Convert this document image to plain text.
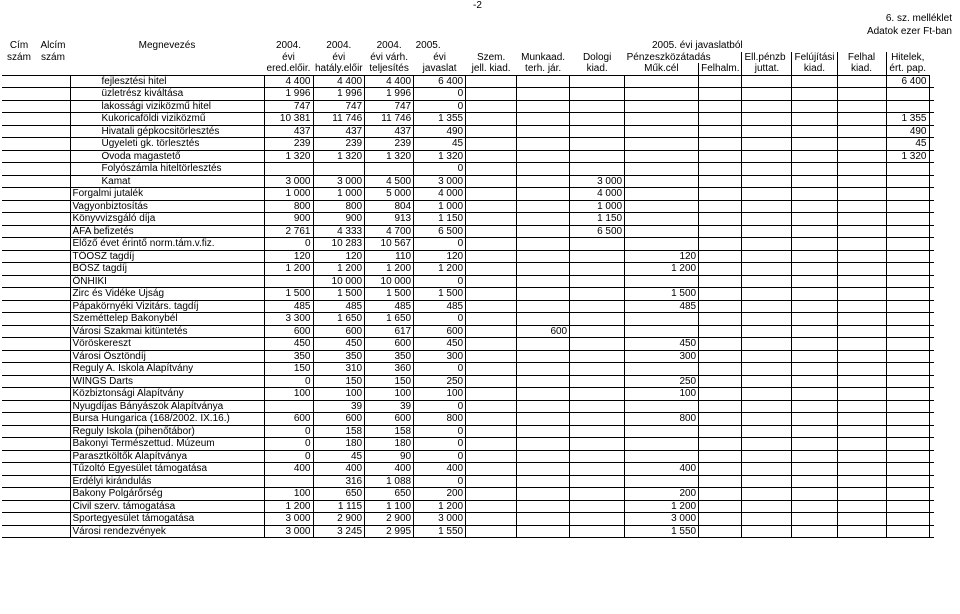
-2
6. sz. melléklet
Adatok ezer Ft-ban
Cím	Alcím	Megnevezés	2004.	2004.	2004.	2005.	2005. évi javaslatból									
szám	szám		évi	évi	évi várh.	évi	Szem.	Munkaad.	Dologi	Pénzeszközátadás		Ell.pénzb	Felújítási	Felhal	Hitelek,	
			ered.előir.	hatály.előir	teljesítés	javaslat	jell. kiad.	terh. jár.	kiad.	Műk.cél	Felhalm.	juttat.	kiad.	kiad.	ért. pap.	
		fejlesztési hitel	4 400	4 400	4 400	6 400									6 400	
		üzletrész kiváltása	1 996	1 996	1 996	0										
		lakossági viziközmű hitel	747	747	747	0										
		Kukoricaföldi viziközmű	10 381	11 746	11 746	1 355									1 355	
		Hivatali gépkocsitörlesztés	437	437	437	490									490	
		Ügyeleti gk. törlesztés	239	239	239	45									45	
		Óvoda magastető	1 320	1 320	1 320	1 320									1 320	
		Folyószámla hiteltörlesztés				0										
		Kamat	3 000	3 000	4 500	3 000			3 000							
		Forgalmi jutalék	1 000	1 000	5 000	4 000			4 000							
		Vagyonbiztosítás	800	800	804	1 000			1 000							
		Könyvvizsgáló díja	900	900	913	1 150			1 150							
		ÁFA befizetés	2 761	4 333	4 700	6 500			6 500							
		Előző évet érintő norm.tám.v.fiz.	0	10 283	10 567	0										
		TÖOSZ tagdíj	120	120	110	120				120						
		BÖSZ tagdíj	1 200	1 200	1 200	1 200				1 200						
		ÖNHIKI		10 000	10 000	0										
		Zirc és Vidéke Újság	1 500	1 500	1 500	1 500				1 500						
		Pápakörnyéki Vizitárs. tagdíj	485	485	485	485				485						
		Szeméttelep Bakonybél	3 300	1 650	1 650	0										
		Városi Szakmai kitüntetés	600	600	617	600		600								
		Vöröskereszt	450	450	600	450				450						
		Városi Ösztöndíj	350	350	350	300				300						
		Reguly A. Iskola Alapítvány	150	310	360	0										
		WINGS Darts	0	150	150	250				250						
		Közbiztonsági Alapítvány	100	100	100	100				100						
		Nyugdíjas Bányászok Alapítványa		39	39	0										
		Bursa Hungarica (168/2002. IX.16.)	600	600	600	800				800						
		Reguly Iskola (pihenőtábor)	0	158	158	0										
		Bakonyi Természettud. Múzeum	0	180	180	0										
		Parasztköltők Alapítványa	0	45	90	0										
		Tűzoltó Egyesület támogatása	400	400	400	400				400						
		Erdélyi kirándulás		316	1 088	0										
		Bakony Polgárőrség	100	650	650	200				200						
		Civil szerv. támogatása	1 200	1 115	1 100	1 200				1 200						
		Sportegyesület támogatása	3 000	2 900	2 900	3 000				3 000						
		Városi rendezvények	3 000	3 245	2 995	1 550				1 550						
